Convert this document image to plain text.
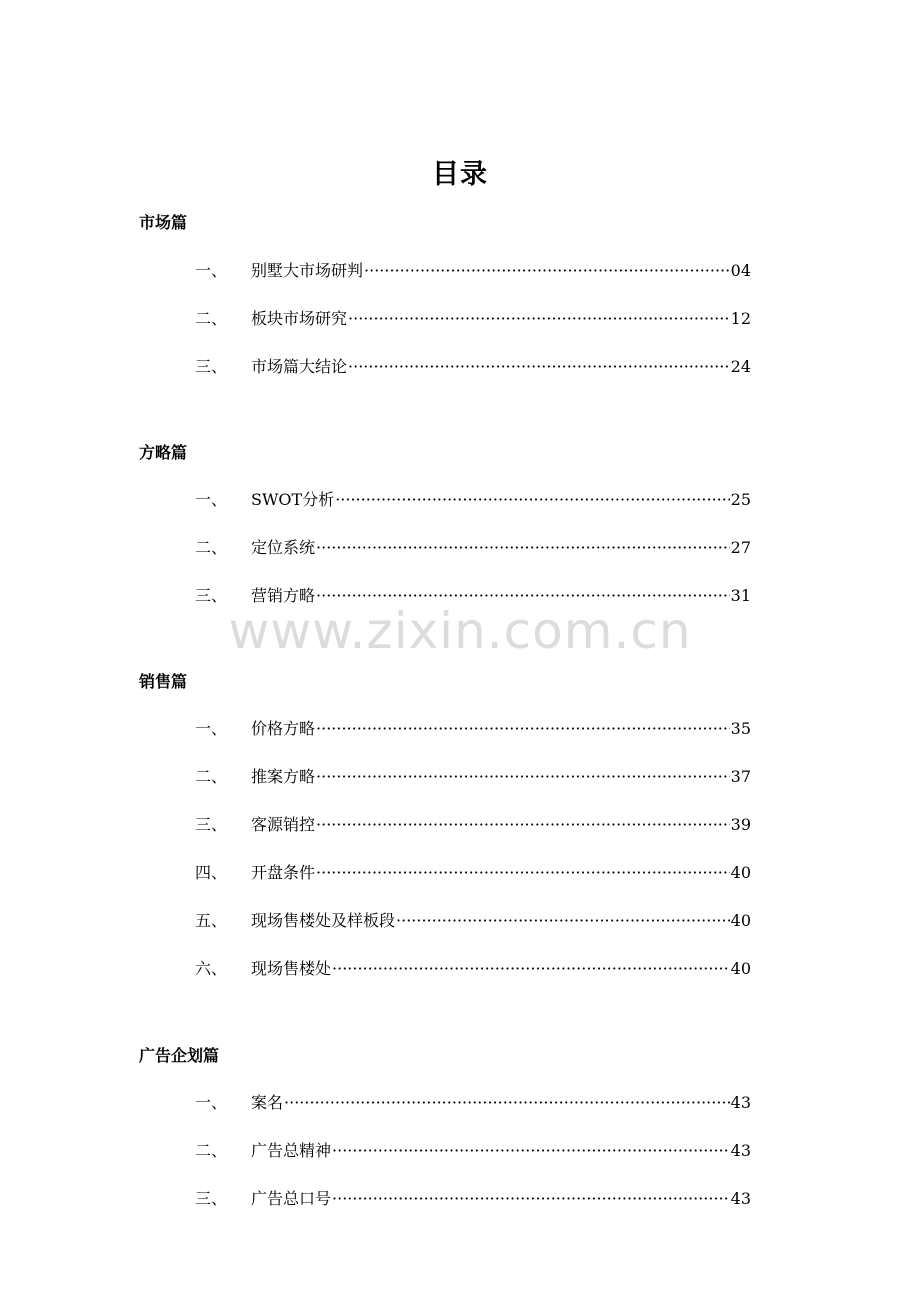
目录
市场篇
一、	别墅大市场研判 ·····	04
二、	板块市场研究 ·····	12
三、	市场篇大结论 ·····	24
方略篇
一、	SWOT分析 ·····	25
二、	定位系统 ·····	27
三、	营销方略 ·····	31
www.zixin.com.cn
销售篇
一、	价格方略 ·····	35
二、	推案方略 ·····	37
三、	客源销控 ·····	39
四、	开盘条件 ·····	40
五、	现场售楼处及样板段 ·····	40
六、	现场售楼处 ·····	40
广告企划篇
一、	案名 ·····	43
二、	广告总精神 ·····	43
三、	广告总口号 ·····	43
